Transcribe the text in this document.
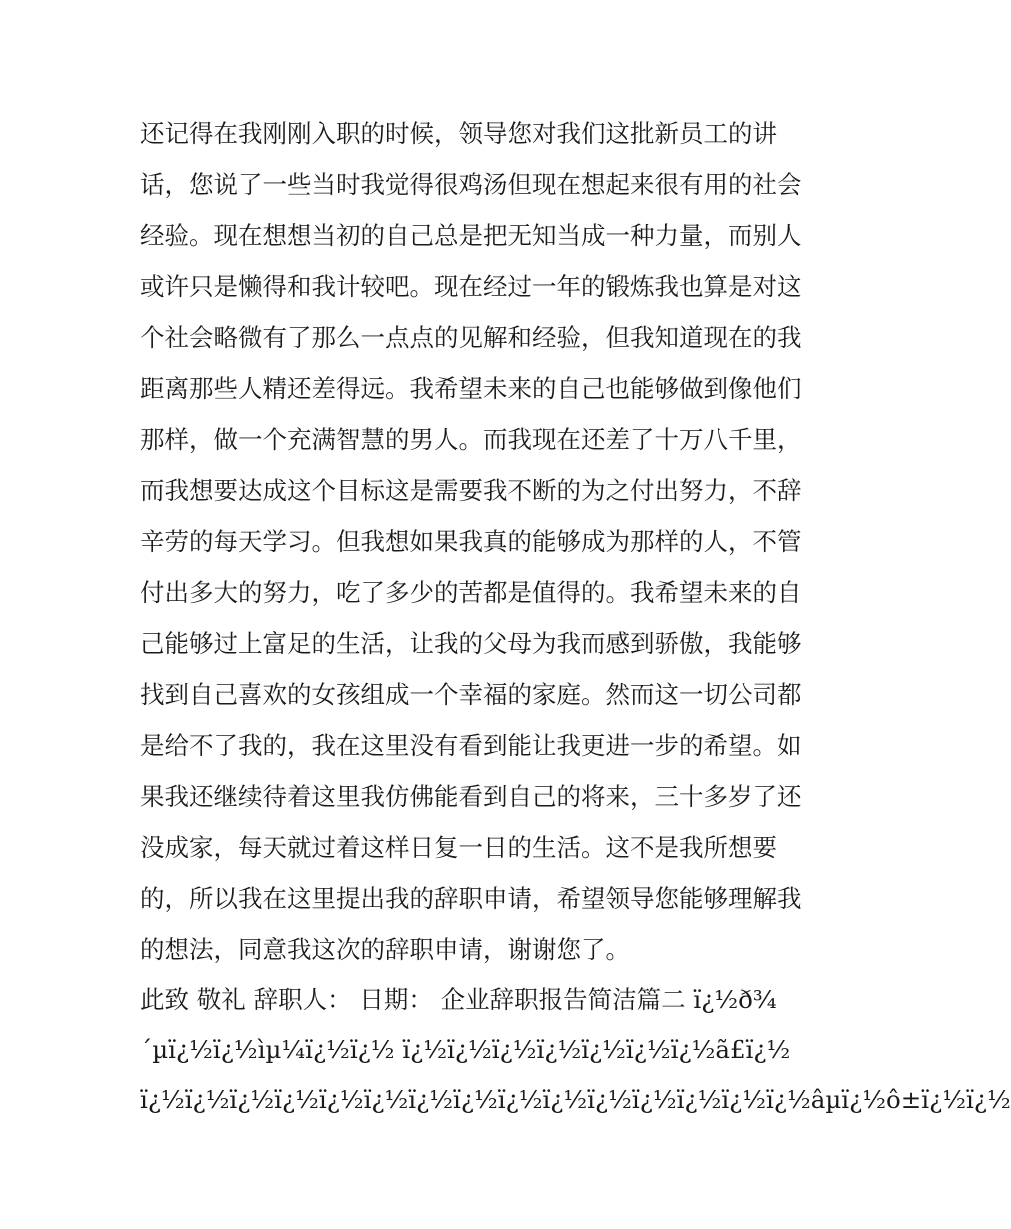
还记得在我刚刚入职的时候，领导您对我们这批新员工的讲
话，您说了一些当时我觉得很鸡汤但现在想起来很有用的社会
经验。现在想想当初的自己总是把无知当成一种力量，而别人
或许只是懒得和我计较吧。现在经过一年的锻炼我也算是对这
个社会略微有了那么一点点的见解和经验，但我知道现在的我
距离那些人精还差得远。我希望未来的自己也能够做到像他们
那样，做一个充满智慧的男人。而我现在还差了十万八千里，
而我想要达成这个目标这是需要我不断的为之付出努力，不辞
辛劳的每天学习。但我想如果我真的能够成为那样的人，不管
付出多大的努力，吃了多少的苦都是值得的。我希望未来的自
己能够过上富足的生活，让我的父母为我而感到骄傲，我能够
找到自己喜欢的女孩组成一个幸福的家庭。然而这一切公司都
是给不了我的，我在这里没有看到能让我更进一步的希望。如
果我还继续待着这里我仿佛能看到自己的将来，三十多岁了还
没成家，每天就过着这样日复一日的生活。这不是我所想要
的，所以我在这里提出我的辞职申请，希望领导您能够理解我
的想法，同意我这次的辞职申请，谢谢您了。
此致 敬礼 辞职人： 日期： 企业辞职报告简洁篇二 ï¿½ð¾
´µï¿½ï¿½ìµ¼ï¿½ï¿½ ï¿½ï¿½ï¿½ï¿½ï¿½ï¿½ï¿½ã£ï¿½
ï¿½ï¿½ï¿½ï¿½ï¿½ï¿½ï¿½ï¿½ï¿½ï¿½ï¿½ï¿½ï¿½ï¿½ï¿½âµï¿½ô±ï¿½ï¿½
